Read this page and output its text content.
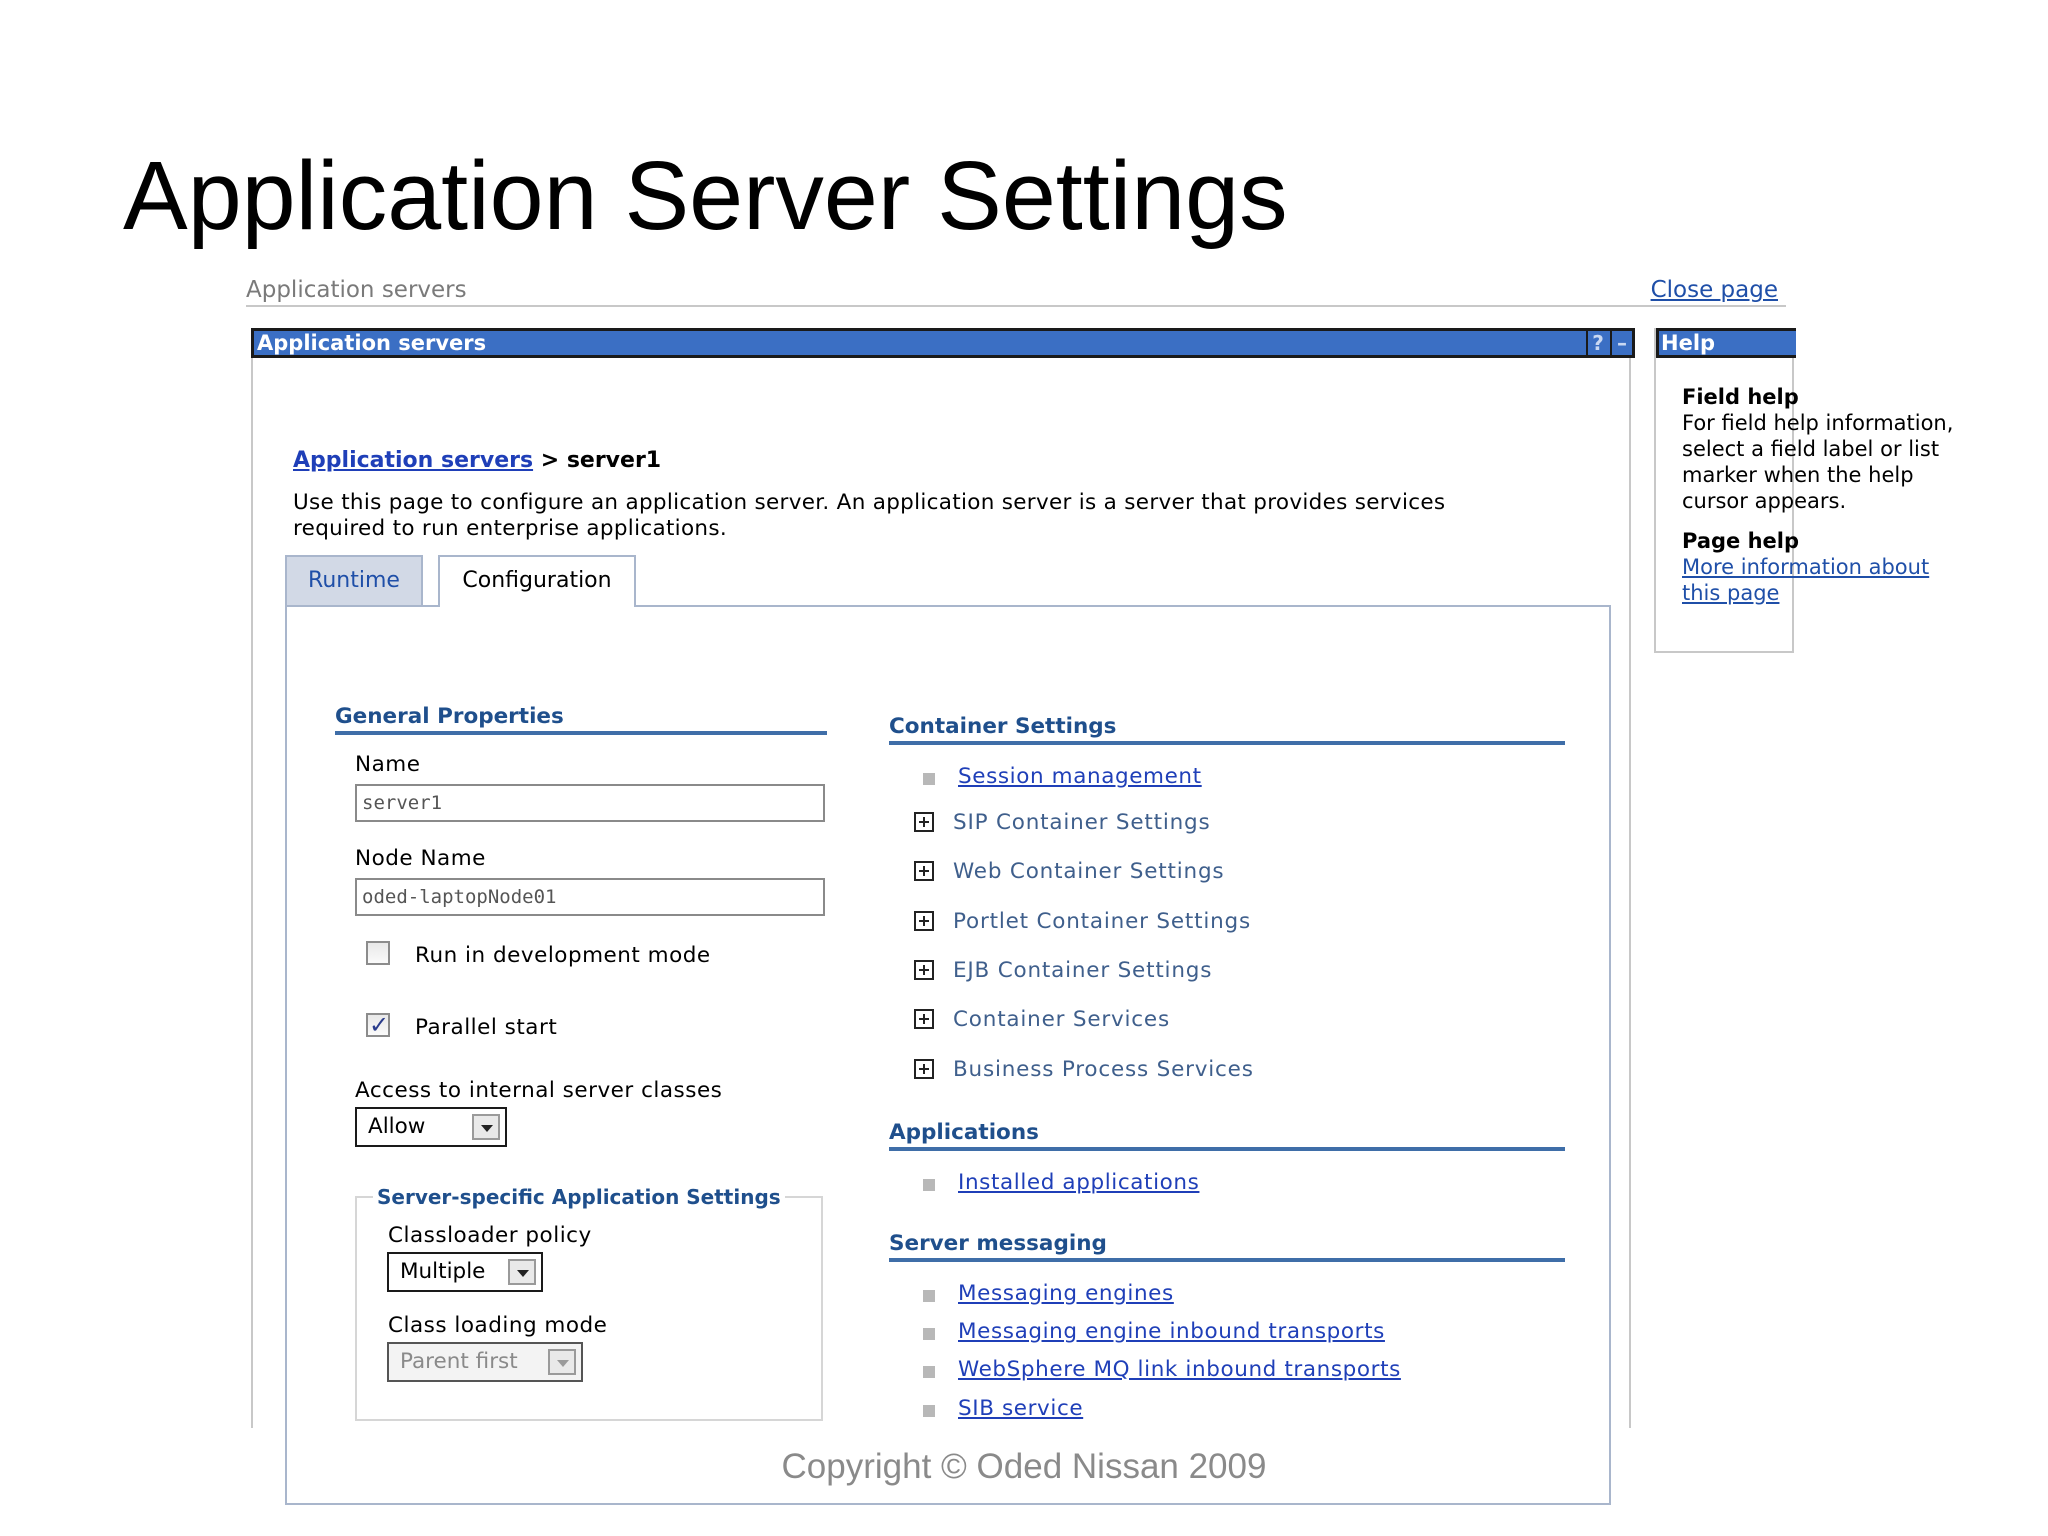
Application Server Settings
Application servers	Close page
Application servers	? –
Application servers > server1
Use this page to configure an application server. An application server is a server that provides services required to run enterprise applications.
Runtime	Configuration
General Properties
Name
server1
Node Name
oded-laptopNode01
Run in development mode
✓ Parallel start
Access to internal server classes
Allow
Server-specific Application Settings
Classloader policy
Multiple
Class loading mode
Parent first
Container Settings
Session management
SIP Container Settings
Web Container Settings
Portlet Container Settings
EJB Container Settings
Container Services
Business Process Services
Applications
Installed applications
Server messaging
Messaging engines
Messaging engine inbound transports
WebSphere MQ link inbound transports
SIB service
Help
Field help
For field help information,
select a field label or list
marker when the help
cursor appears.
Page help
More information about
this page
Copyright © Oded Nissan 2009
